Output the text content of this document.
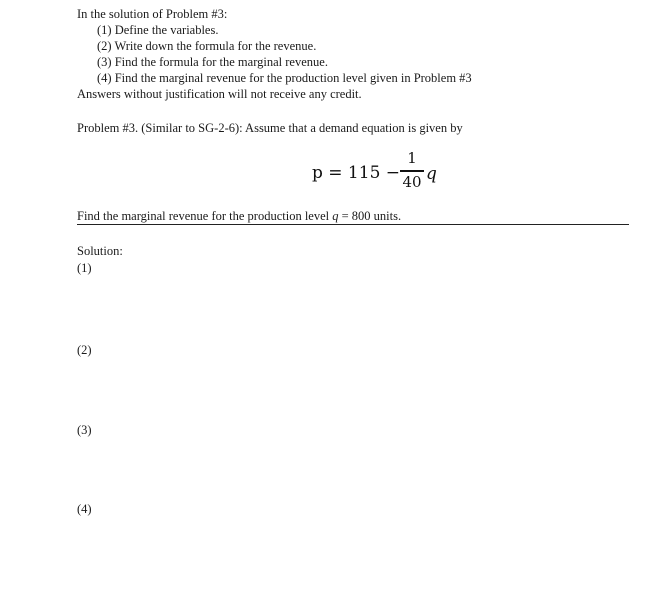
In the solution of Problem #3:
(1) Define the variables.
(2) Write down the formula for the revenue.
(3) Find the formula for the marginal revenue.
(4) Find the marginal revenue for the production level given in Problem #3
Answers without justification will not receive any credit.
Problem #3. (Similar to SG-2-6): Assume that a demand equation is given by
p = 115 −
1
40 q
Find the marginal revenue for the production level q = 800 units.
Solution:
(1)
(2)
(3)
(4)
